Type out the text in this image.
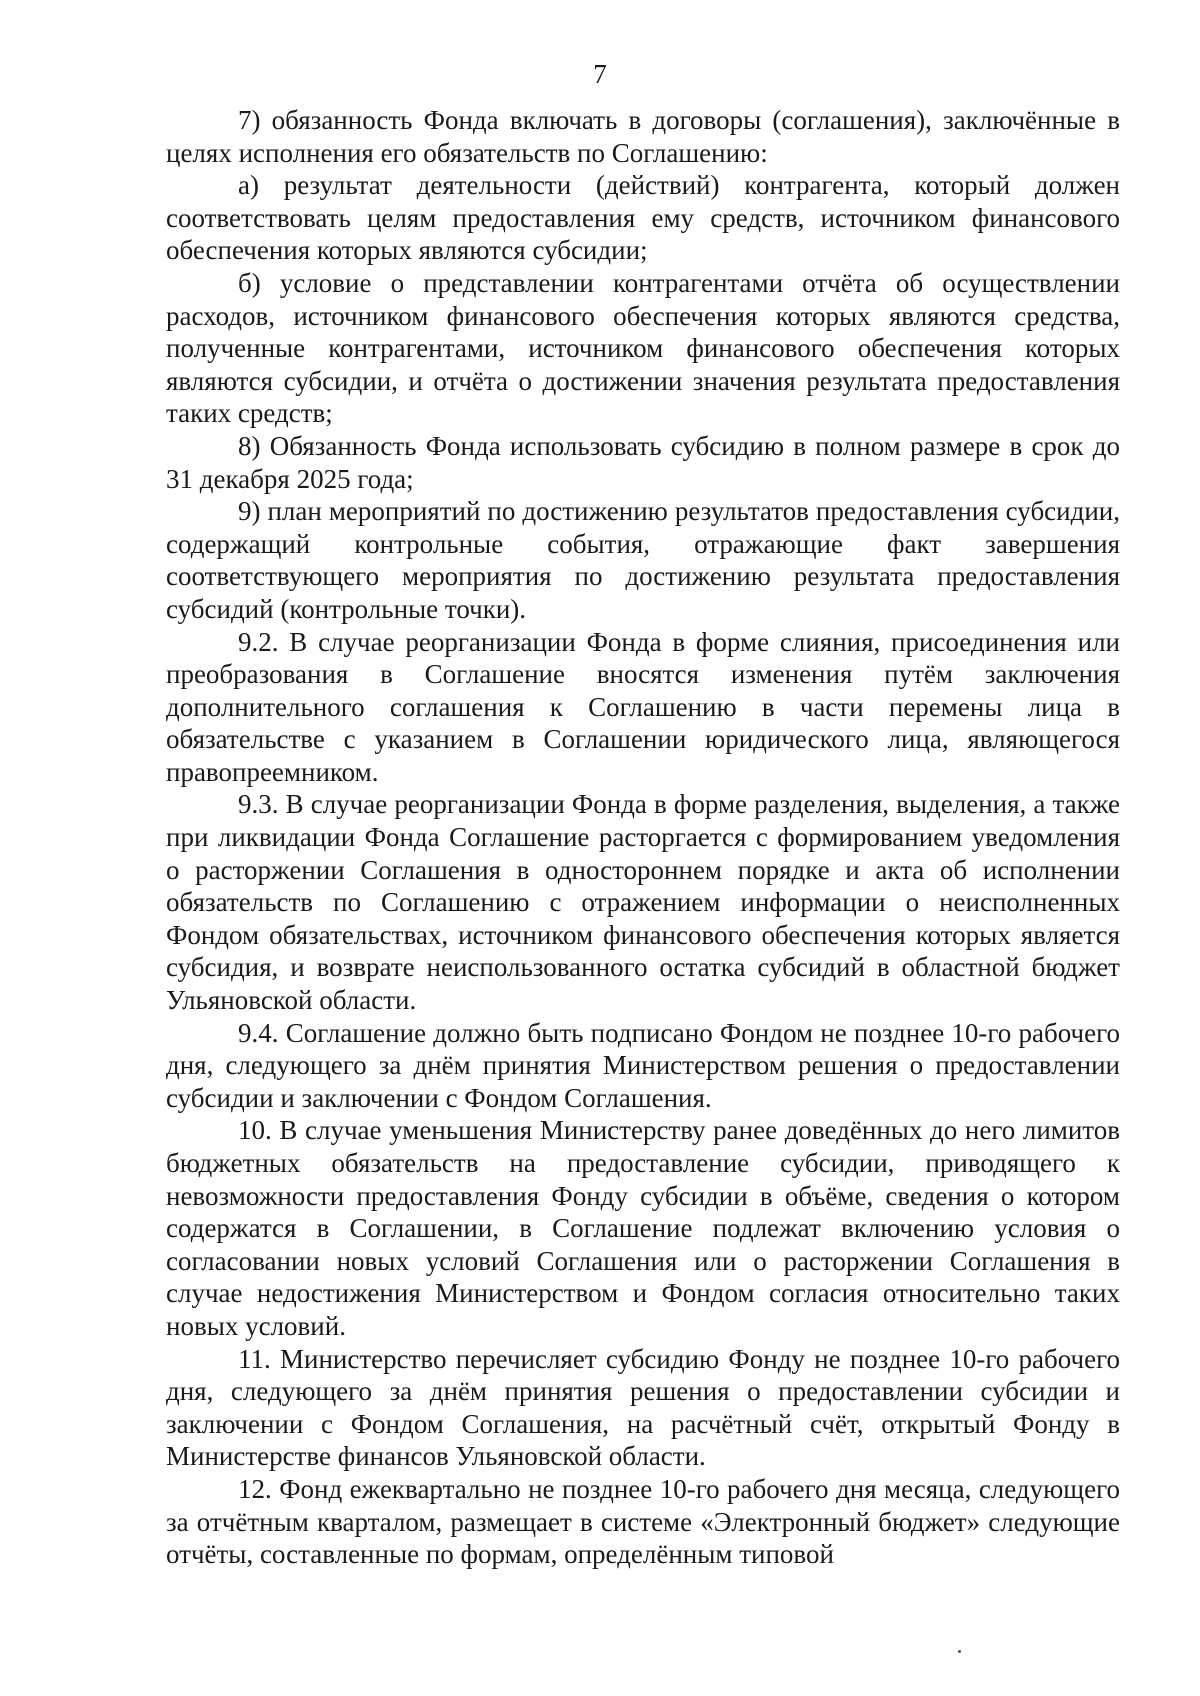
7

7) обязанность Фонда включать в договоры (соглашения), заключённые в целях исполнения его обязательств по Соглашению:

а) результат деятельности (действий) контрагента, который должен соответствовать целям предоставления ему средств, источником финансового обеспечения которых являются субсидии;

б) условие о представлении контрагентами отчёта об осуществлении расходов, источником финансового обеспечения которых являются средства, полученные контрагентами, источником финансового обеспечения которых являются субсидии, и отчёта о достижении значения результата предоставления таких средств;

8) Обязанность Фонда использовать субсидию в полном размере в срок до 31 декабря 2025 года;

9) план мероприятий по достижению результатов предоставления субсидии, содержащий контрольные события, отражающие факт завершения соответствующего мероприятия по достижению результата предоставления субсидий (контрольные точки).

9.2. В случае реорганизации Фонда в форме слияния, присоединения или преобразования в Соглашение вносятся изменения путём заключения дополнительного соглашения к Соглашению в части перемены лица в обязательстве с указанием в Соглашении юридического лица, являющегося правопреемником.

9.3. В случае реорганизации Фонда в форме разделения, выделения, а также при ликвидации Фонда Соглашение расторгается с формированием уведомления о расторжении Соглашения в одностороннем порядке и акта об исполнении обязательств по Соглашению с отражением информации о неисполненных Фондом обязательствах, источником финансового обеспечения которых является субсидия, и возврате неиспользованного остатка субсидий в областной бюджет Ульяновской области.

9.4. Соглашение должно быть подписано Фондом не позднее 10-го рабочего дня, следующего за днём принятия Министерством решения о предоставлении субсидии и заключении с Фондом Соглашения.

10. В случае уменьшения Министерству ранее доведённых до него лимитов бюджетных обязательств на предоставление субсидии, приводящего к невозможности предоставления Фонду субсидии в объёме, сведения о котором содержатся в Соглашении, в Соглашение подлежат включению условия о согласовании новых условий Соглашения или о расторжении Соглашения в случае недостижения Министерством и Фондом согласия относительно таких новых условий.

11. Министерство перечисляет субсидию Фонду не позднее 10-го рабочего дня, следующего за днём принятия решения о предоставлении субсидии и заключении с Фондом Соглашения, на расчётный счёт, открытый Фонду в Министерстве финансов Ульяновской области.

12. Фонд ежеквартально не позднее 10-го рабочего дня месяца, следующего за отчётным кварталом, размещает в системе «Электронный бюджет» следующие отчёты, составленные по формам, определённым типовой
